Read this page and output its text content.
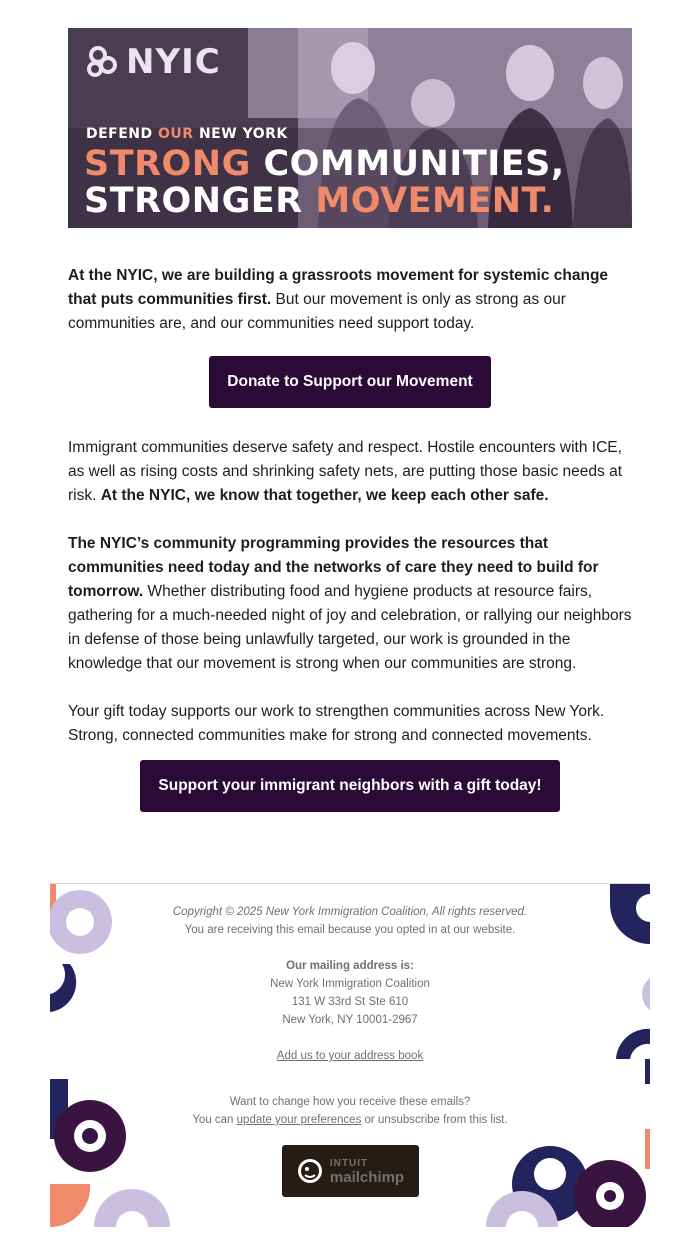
NYIC
DEFEND OUR NEW YORK
STRONG COMMUNITIES,
STRONGER MOVEMENT.

At the NYIC, we are building a grassroots movement for systemic change that puts communities first. But our movement is only as strong as our communities are, and our communities need support today.

Donate to Support our Movement

Immigrant communities deserve safety and respect. Hostile encounters with ICE, as well as rising costs and shrinking safety nets, are putting those basic needs at risk. At the NYIC, we know that together, we keep each other safe.

The NYIC’s community programming provides the resources that communities need today and the networks of care they need to build for tomorrow. Whether distributing food and hygiene products at resource fairs, gathering for a much-needed night of joy and celebration, or rallying our neighbors in defense of those being unlawfully targeted, our work is grounded in the knowledge that our movement is strong when our communities are strong.

Your gift today supports our work to strengthen communities across New York. Strong, connected communities make for strong and connected movements.

Support your immigrant neighbors with a gift today!
Copyright © 2025 New York Immigration Coalition, All rights reserved.
You are receiving this email because you opted in at our website.
Our mailing address is:
New York Immigration Coalition
131 W 33rd St Ste 610
New York, NY 10001-2967
Add us to your address book
Want to change how you receive these emails?
You can update your preferences or unsubscribe from this list.
INTUIT
mailchimp
